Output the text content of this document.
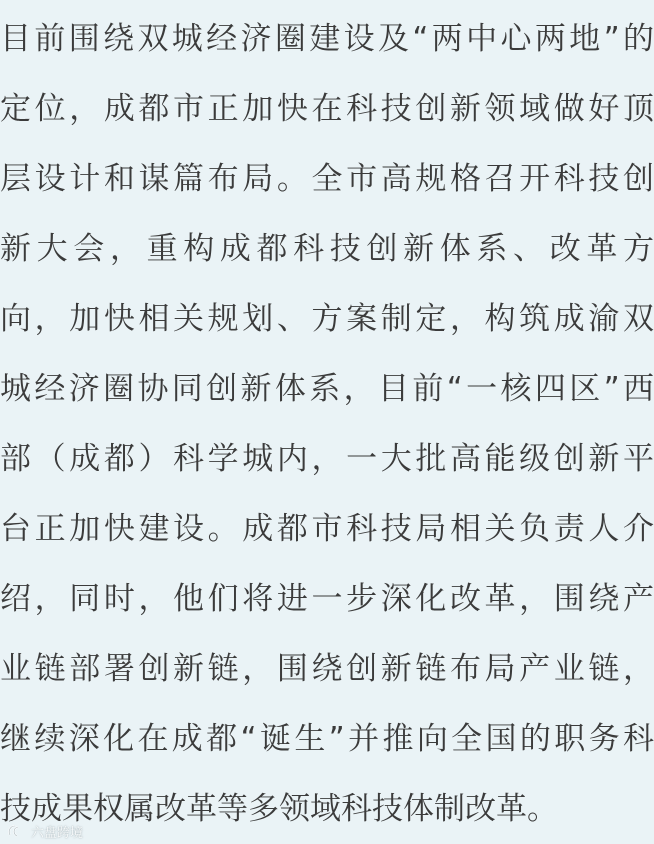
目前围绕双城经济圈建设及“两中心两地”的
定位，成都市正加快在科技创新领域做好顶
层设计和谋篇布局。全市高规格召开科技创
新大会，重构成都科技创新体系、改革方
向，加快相关规划、方案制定，构筑成渝双
城经济圈协同创新体系，目前“一核四区”西
部（成都）科学城内，一大批高能级创新平
台正加快建设。成都市科技局相关负责人介
绍，同时，他们将进一步深化改革，围绕产
业链部署创新链，围绕创新链布局产业链，
继续深化在成都“诞生”并推向全国的职务科
技成果权属改革等多领域科技体制改革。
六盘跨境
